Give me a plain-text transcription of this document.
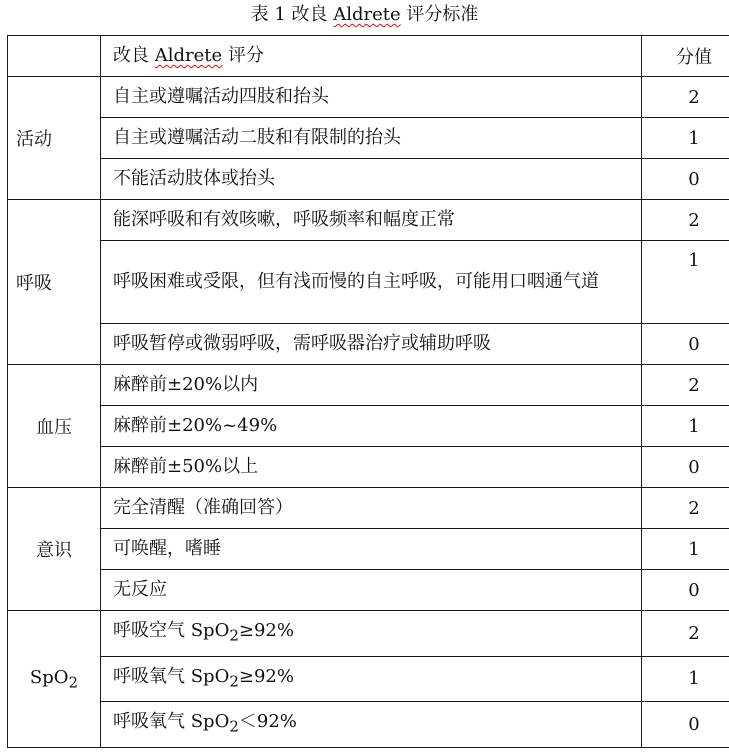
表 1 改良 Aldrete 评分标准
	改良 Aldrete 评分	分值
活动	自主或遵嘱活动四肢和抬头	2
	自主或遵嘱活动二肢和有限制的抬头	1
	不能活动肢体或抬头	0
呼吸	能深呼吸和有效咳嗽，呼吸频率和幅度正常	2
	呼吸困难或受限，但有浅而慢的自主呼吸，可能用口咽通气道	1
	呼吸暂停或微弱呼吸，需呼吸器治疗或辅助呼吸	0
血压	麻醉前±20%以内	2
	麻醉前±20%~49%	1
	麻醉前±50%以上	0
意识	完全清醒（准确回答）	2
	可唤醒，嗜睡	1
	无反应	0
SpO$_2$	呼吸空气 SpO$_2$≥92%	2
	呼吸氧气 SpO$_2$≥92%	1
	呼吸氧气 SpO$_2$＜92%	0
